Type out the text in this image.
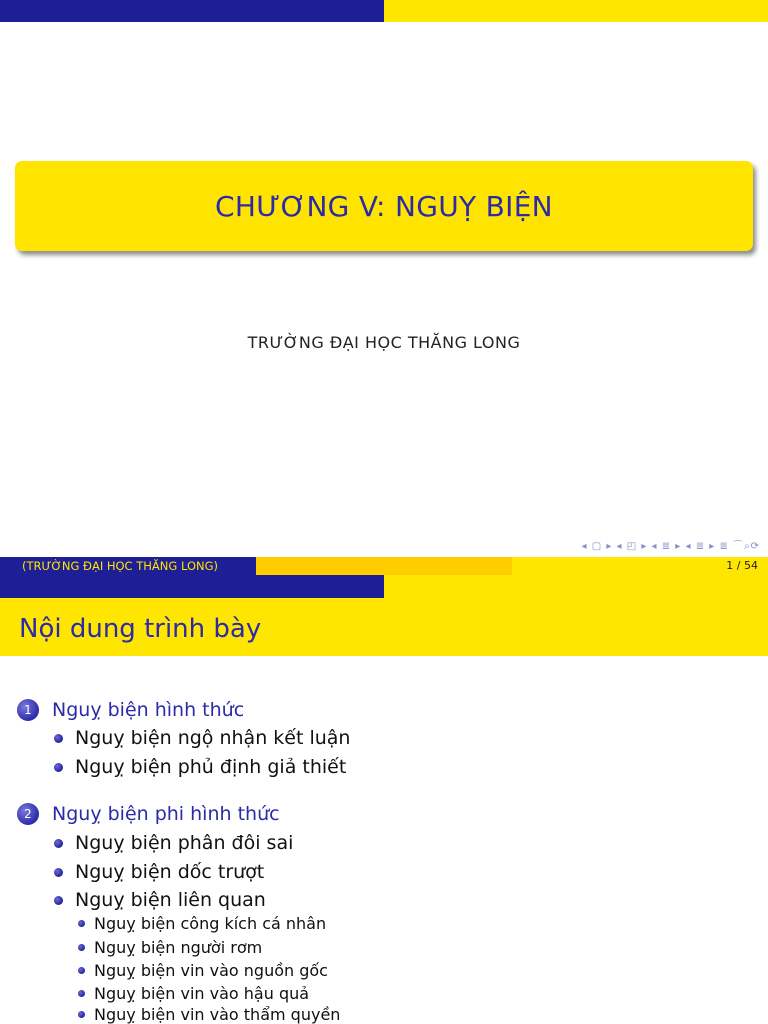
CHƯƠNG V: NGUỴ BIỆN
TRƯỜNG ĐẠI HỌC THĂNG LONG
◂ ▢ ▸ ◂ ◰ ▸ ◂ ≣ ▸ ◂ ≣ ▸ ≣ ⌒⌕⟳
(TRƯỜNG ĐẠI HỌC THĂNG LONG)	1 / 54
Nội dung trình bày
1	Nguỵ biện hình thức
Nguỵ biện ngộ nhận kết luận
Nguỵ biện phủ định giả thiết
2	Nguỵ biện phi hình thức
Nguỵ biện phân đôi sai
Nguỵ biện dốc trượt
Nguỵ biện liên quan
Nguỵ biện công kích cá nhân
Nguỵ biện người rơm
Nguỵ biện vin vào nguồn gốc
Nguỵ biện vin vào hậu quả
Nguỵ biện vin vào thẩm quyền
